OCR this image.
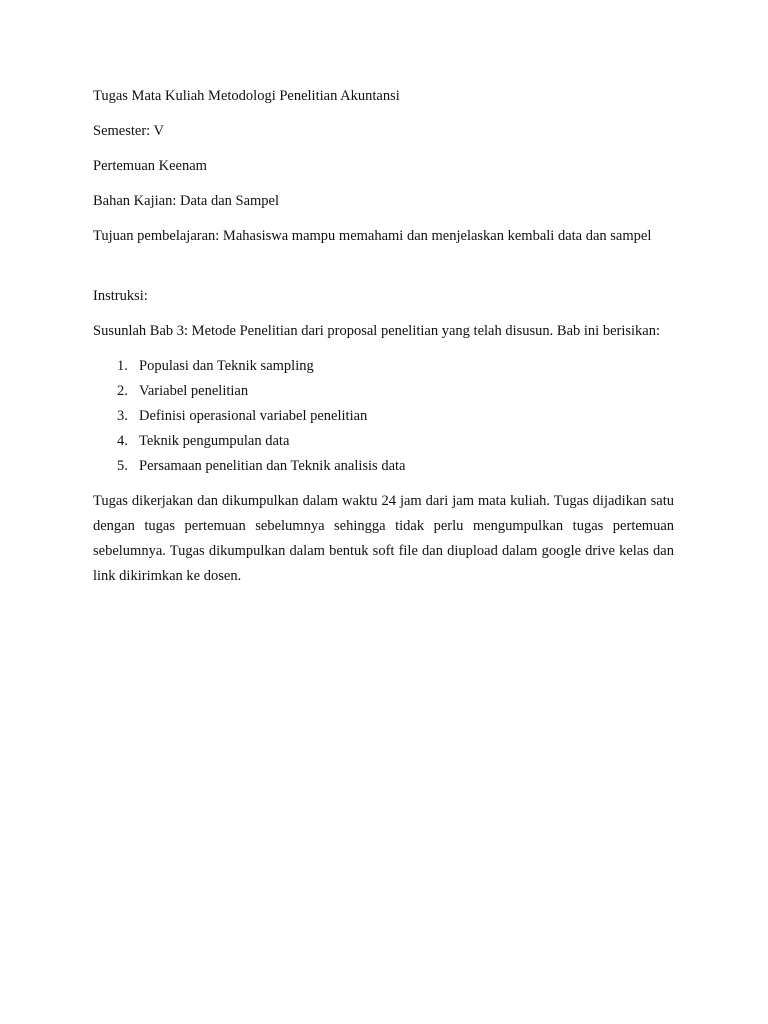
Tugas Mata Kuliah Metodologi Penelitian Akuntansi

Semester: V

Pertemuan Keenam

Bahan Kajian: Data dan Sampel

Tujuan pembelajaran: Mahasiswa mampu memahami dan menjelaskan kembali data dan sampel

Instruksi:

Susunlah Bab 3: Metode Penelitian dari proposal penelitian yang telah disusun. Bab ini berisikan:

1. Populasi dan Teknik sampling
2. Variabel penelitian
3. Definisi operasional variabel penelitian
4. Teknik pengumpulan data
5. Persamaan penelitian dan Teknik analisis data

Tugas dikerjakan dan dikumpulkan dalam waktu 24 jam dari jam mata kuliah. Tugas dijadikan satu dengan tugas pertemuan sebelumnya sehingga tidak perlu mengumpulkan tugas pertemuan sebelumnya. Tugas dikumpulkan dalam bentuk soft file dan diupload dalam google drive kelas dan link dikirimkan ke dosen.
